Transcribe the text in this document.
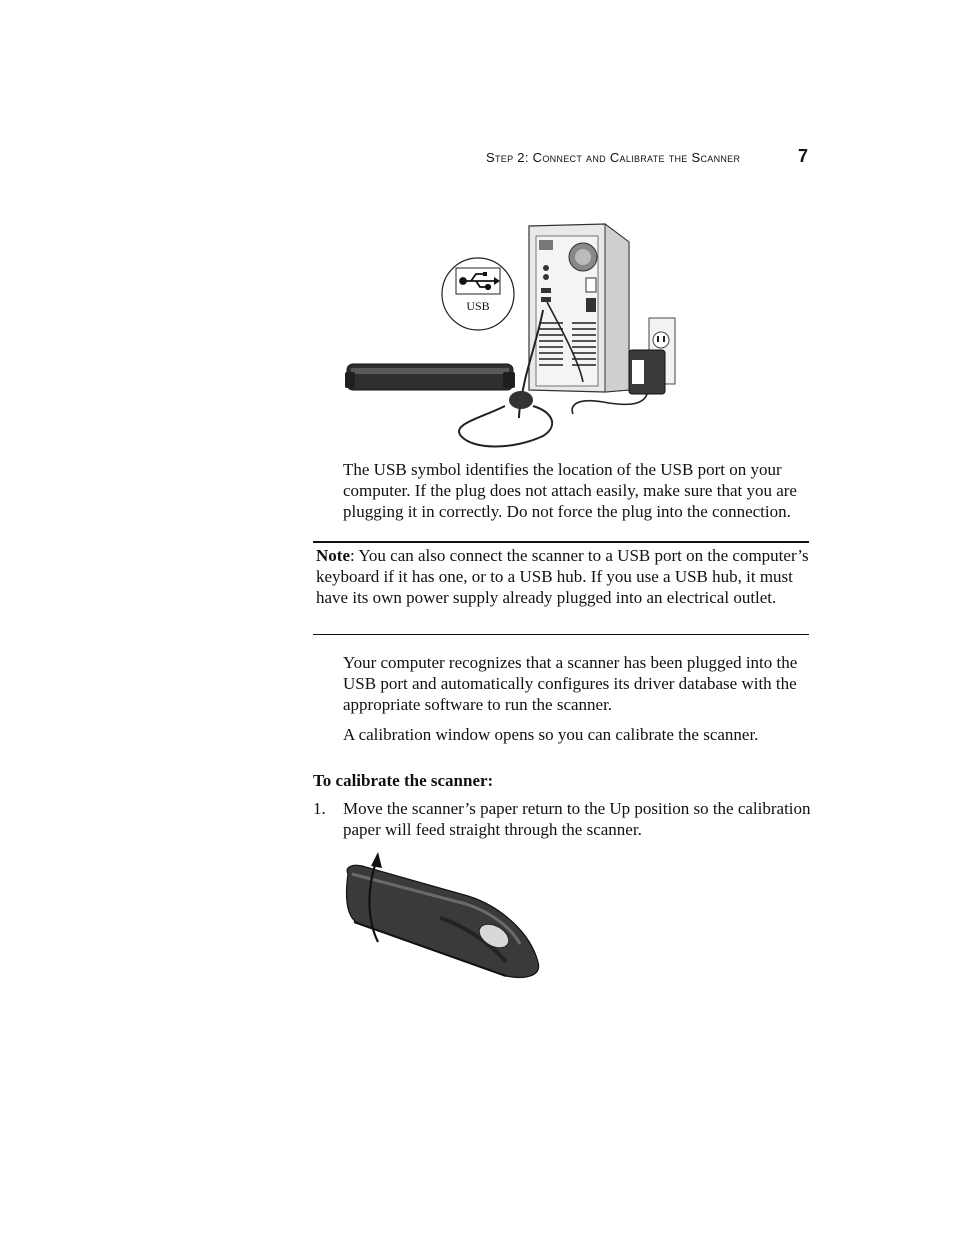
Step 2: Connect and Calibrate the Scanner	7
USB

The USB symbol identifies the location of the USB port on your computer. If the plug does not attach easily, make sure that you are plugging it in correctly. Do not force the plug into the connection.

Note: You can also connect the scanner to a USB port on the computer’s keyboard if it has one, or to a USB hub. If you use a USB hub, it must have its own power supply already plugged into an electrical outlet.

Your computer recognizes that a scanner has been plugged into the USB port and automatically configures its driver database with the appropriate software to run the scanner.

A calibration window opens so you can calibrate the scanner.

To calibrate the scanner:

1. Move the scanner’s paper return to the Up position so the calibration paper will feed straight through the scanner.
